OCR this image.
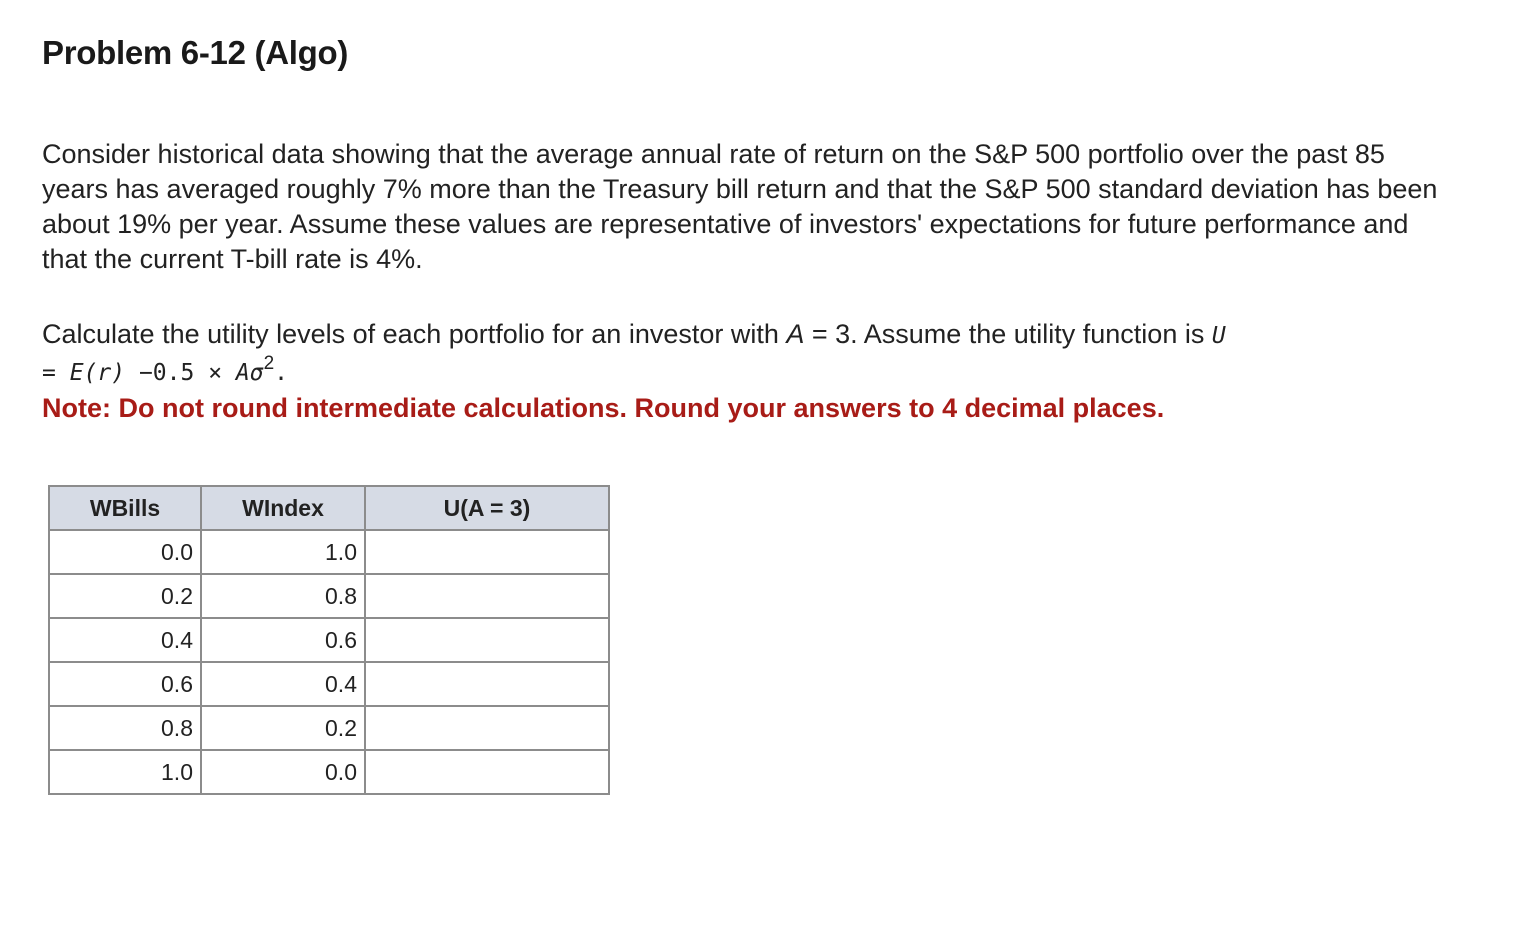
Problem 6-12 (Algo)

Consider historical data showing that the average annual rate of return on the S&P 500 portfolio over the past 85 years has averaged roughly 7% more than the Treasury bill return and that the S&P 500 standard deviation has been about 19% per year. Assume these values are representative of investors' expectations for future performance and that the current T-bill rate is 4%.

Calculate the utility levels of each portfolio for an investor with A = 3. Assume the utility function is U
= $E(r) -0.5 \times A\sigma^2$.

Note: Do not round intermediate calculations. Round your answers to 4 decimal places.

WBills	WIndex	U(A = 3)
0.0	1.0	
0.2	0.8	
0.4	0.6	
0.6	0.4	
0.8	0.2	
1.0	0.0	
